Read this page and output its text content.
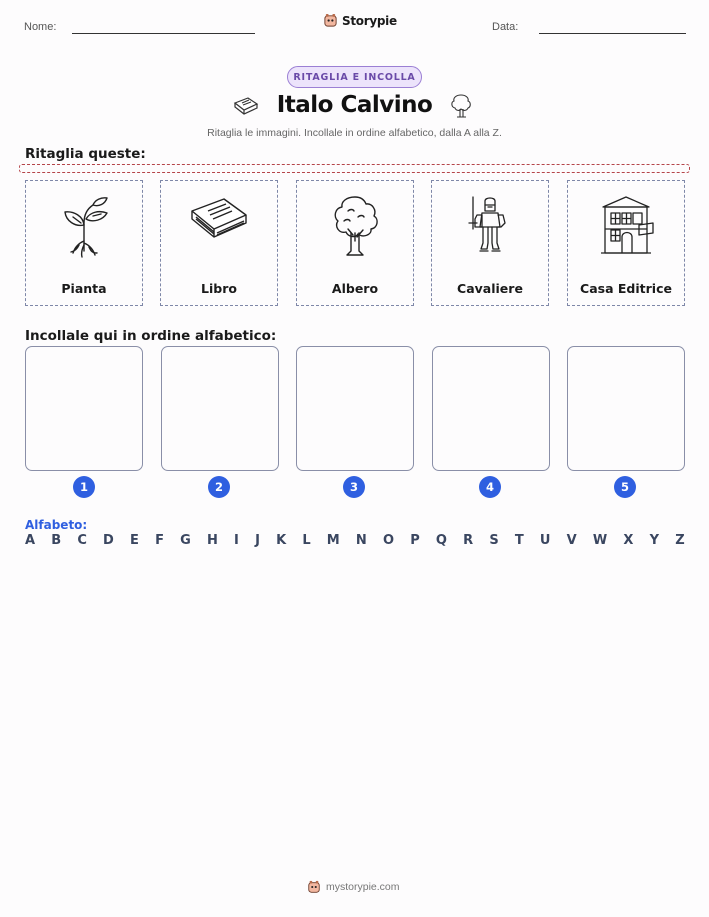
Nome:	Storypie	Data:
RITAGLIA E INCOLLA
Italo Calvino
Ritaglia le immagini. Incollale in ordine alfabetico, dalla A alla Z.
Ritaglia queste:
Pianta	Libro	Albero	Cavaliere	Casa Editrice
Incollale qui in ordine alfabetico:
1	2	3	4	5
Alfabeto:
A B C D E F G H I J K L M N O P Q R S T U V W X Y Z
mystorypie.com
